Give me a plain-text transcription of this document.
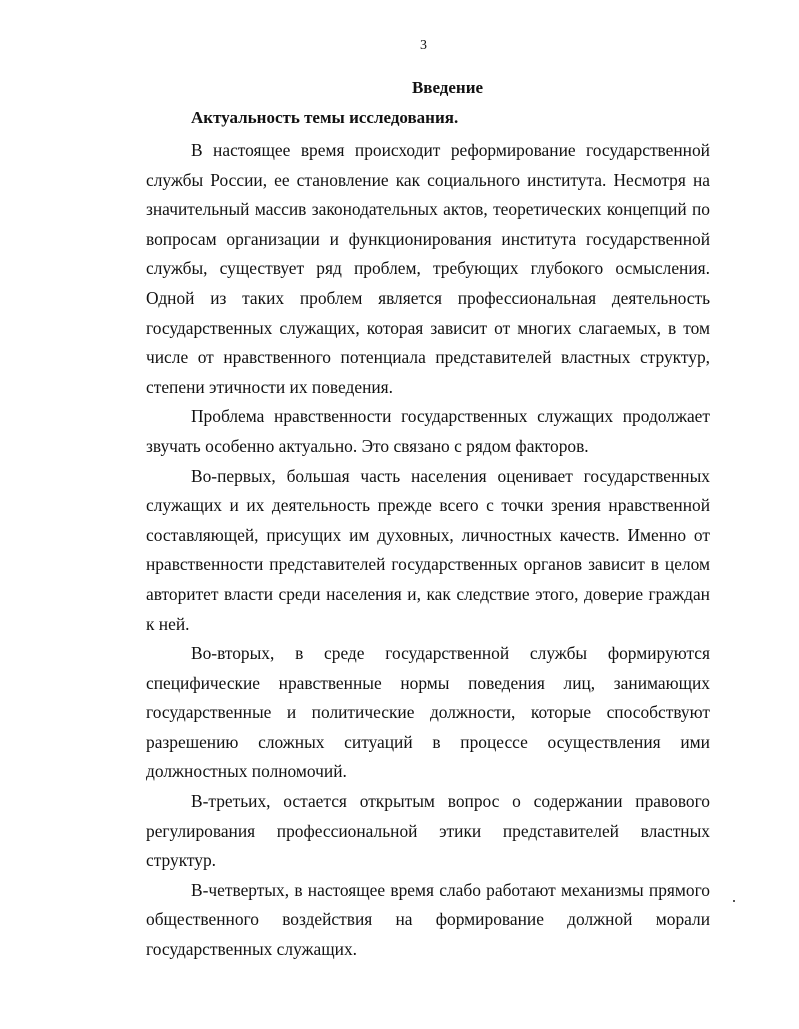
3
Введение
Актуальность темы исследования.

В настоящее время происходит реформирование государственной службы России, ее становление как социального института. Несмотря на значительный массив законодательных актов, теоретических концепций по вопросам организации и функционирования института государственной службы, существует ряд проблем, требующих глубокого осмысления. Одной из таких проблем является профессиональная деятельность государственных служащих, которая зависит от многих слагаемых, в том числе от нравственного потенциала представителей властных структур, степени этичности их поведения.

Проблема нравственности государственных служащих продолжает звучать особенно актуально. Это связано с рядом факторов.

Во-первых, большая часть населения оценивает государственных служащих и их деятельность прежде всего с точки зрения нравственной составляющей, присущих им духовных, личностных качеств. Именно от нравственности представителей государственных органов зависит в целом авторитет власти среди населения и, как следствие этого, доверие граждан к ней.

Во-вторых, в среде государственной службы формируются специфические нравственные нормы поведения лиц, занимающих государственные и политические должности, которые способствуют разрешению сложных ситуаций в процессе осуществления ими должностных полномочий.

В-третьих, остается открытым вопрос о содержании правового регулирования профессиональной этики представителей властных структур.

В-четвертых, в настоящее время слабо работают механизмы прямого общественного воздействия на формирование должной морали государственных служащих.
